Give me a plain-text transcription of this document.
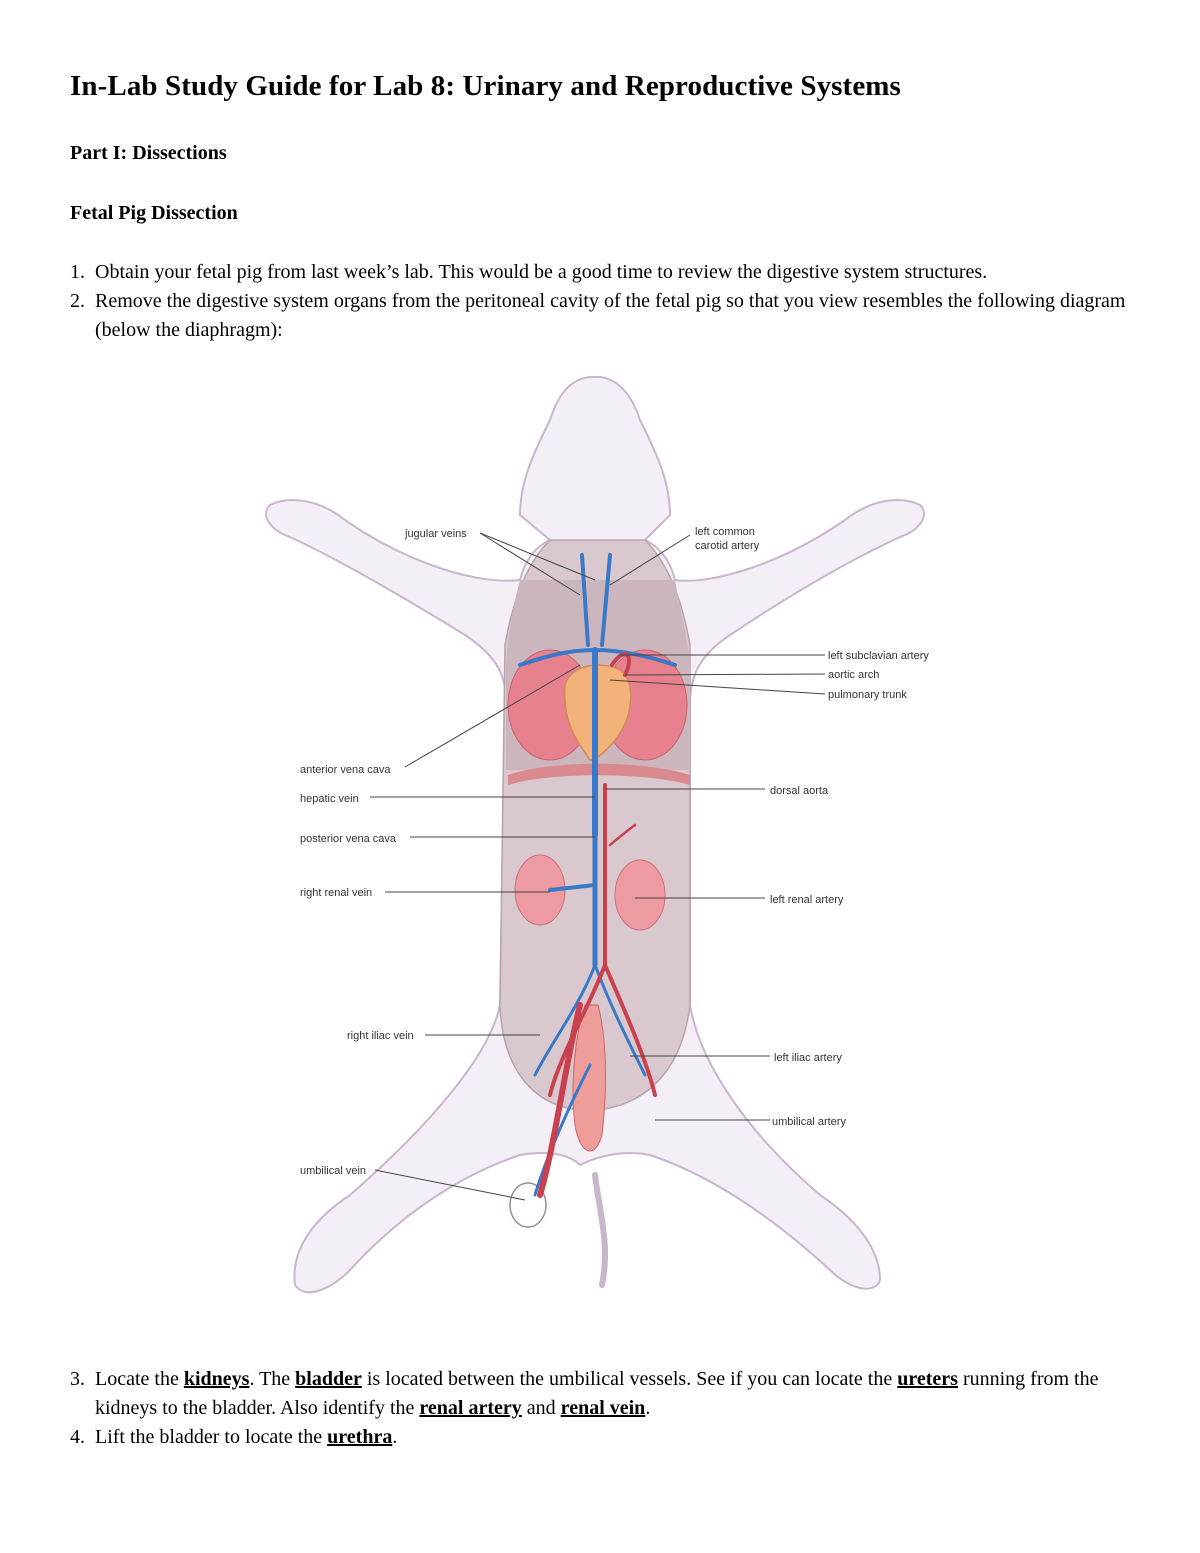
In-Lab Study Guide for Lab 8: Urinary and Reproductive Systems
Part I: Dissections
Fetal Pig Dissection
1. Obtain your fetal pig from last week’s lab. This would be a good time to review the digestive system structures.
2. Remove the digestive system organs from the peritoneal cavity of the fetal pig so that you view resembles the following diagram (below the diaphragm):
jugular veins	left common
carotid artery
left subclavian artery
aortic arch
pulmonary trunk
anterior vena cava
hepatic vein
dorsal aorta
posterior vena cava
right renal vein
left renal artery
right iliac vein
left iliac artery
umbilical artery
umbilical vein
3. Locate the kidneys. The bladder is located between the umbilical vessels. See if you can locate the ureters running from the kidneys to the bladder. Also identify the renal artery and renal vein.
4. Lift the bladder to locate the urethra.
